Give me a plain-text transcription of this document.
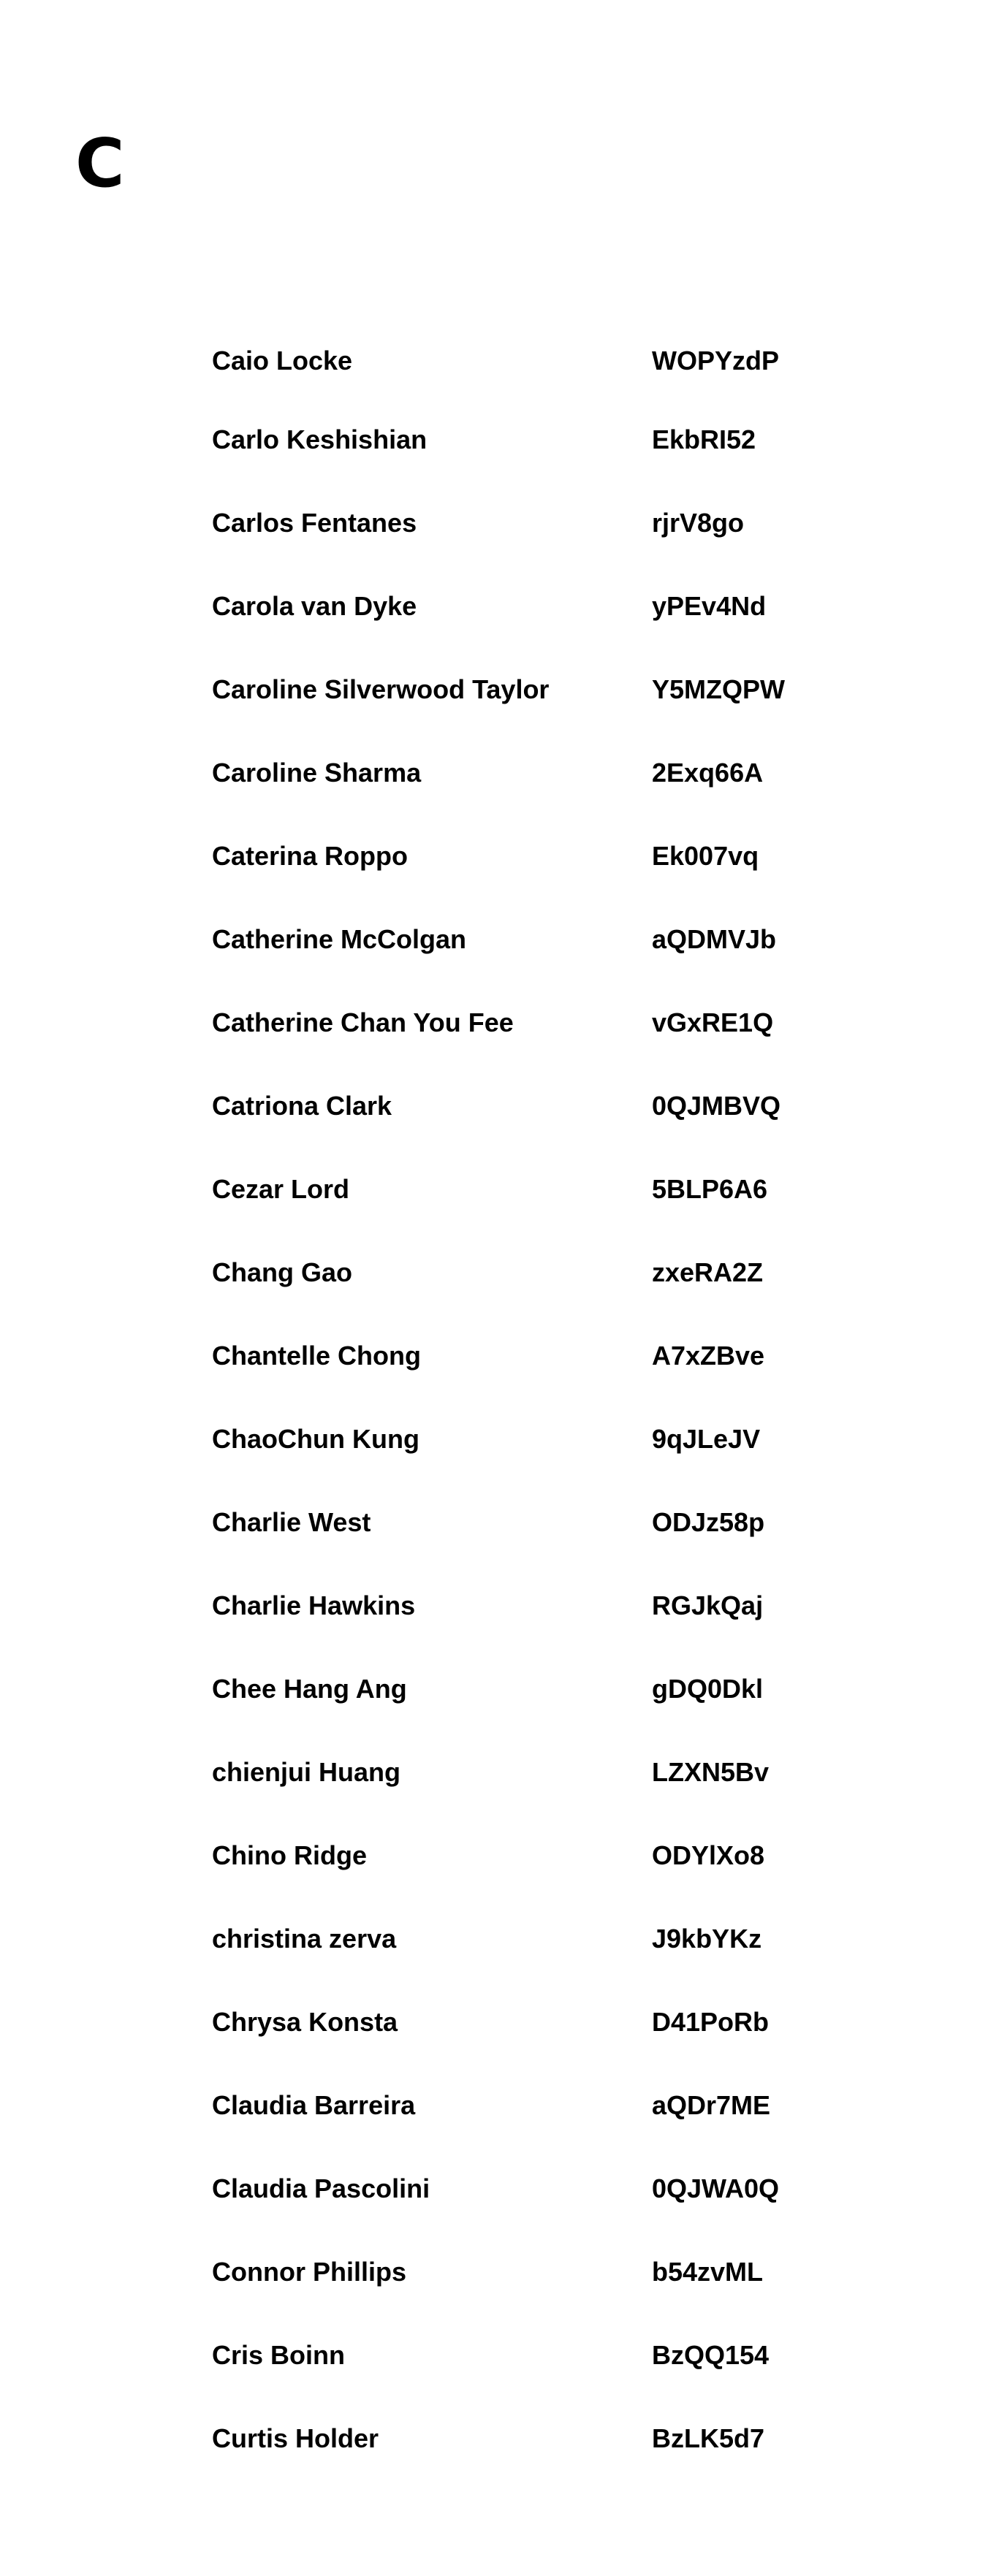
C
Caio Locke	WOPYzdP
Carlo Keshishian	EkbRI52
Carlos Fentanes	rjrV8go
Carola van Dyke	yPEv4Nd
Caroline Silverwood Taylor	Y5MZQPW
Caroline Sharma	2Exq66A
Caterina Roppo	Ek007vq
Catherine McColgan	aQDMVJb
Catherine Chan You Fee	vGxRE1Q
Catriona Clark	0QJMBVQ
Cezar Lord	5BLP6A6
Chang Gao	zxeRA2Z
Chantelle Chong	A7xZBve
ChaoChun Kung	9qJLeJV
Charlie West	ODJz58p
Charlie Hawkins	RGJkQaj
Chee Hang Ang	gDQ0Dkl
chienjui Huang	LZXN5Bv
Chino Ridge	ODYlXo8
christina zerva	J9kbYKz
Chrysa Konsta	D41PoRb
Claudia Barreira	aQDr7ME
Claudia Pascolini	0QJWA0Q
Connor Phillips	b54zvML
Cris Boinn	BzQQ154
Curtis Holder	BzLK5d7
